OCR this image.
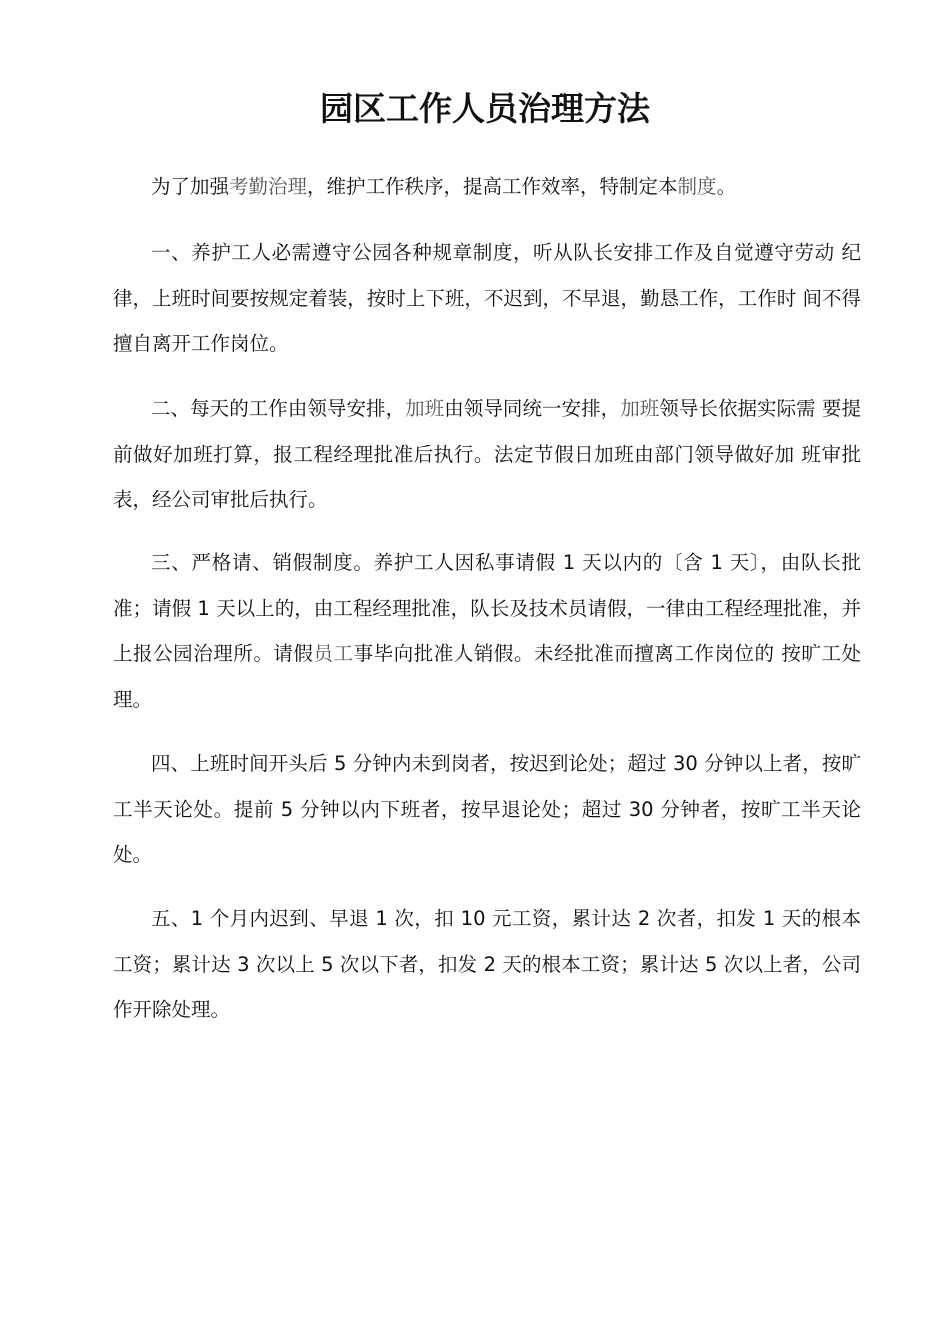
园区工作人员治理方法

为了加强考勤治理，维护工作秩序，提高工作效率，特制定本制度。

一、养护工人必需遵守公园各种规章制度，听从队长安排工作及自觉遵守劳动 纪律，上班时间要按规定着装，按时上下班，不迟到，不早退，勤恳工作，工作时 间不得擅自离开工作岗位。

二、每天的工作由领导安排，加班由领导同统一安排，加班领导长依据实际需 要提前做好加班打算，报工程经理批准后执行。法定节假日加班由部门领导做好加 班审批表，经公司审批后执行。

三、严格请、销假制度。养护工人因私事请假 1 天以内的〔含 1 天〕，由队长批准；请假 1 天以上的，由工程经理批准，队长及技术员请假，一律由工程经理批准，并上报公园治理所。请假员工事毕向批准人销假。未经批准而擅离工作岗位的 按旷工处理。

四、上班时间开头后 5 分钟内未到岗者，按迟到论处；超过 30 分钟以上者，按旷工半天论处。提前 5 分钟以内下班者，按早退论处；超过 30 分钟者，按旷工半天论处。

五、1 个月内迟到、早退 1 次，扣 10 元工资，累计达 2 次者，扣发 1 天的根本工资；累计达 3 次以上 5 次以下者，扣发 2 天的根本工资；累计达 5 次以上者，公司作开除处理。
